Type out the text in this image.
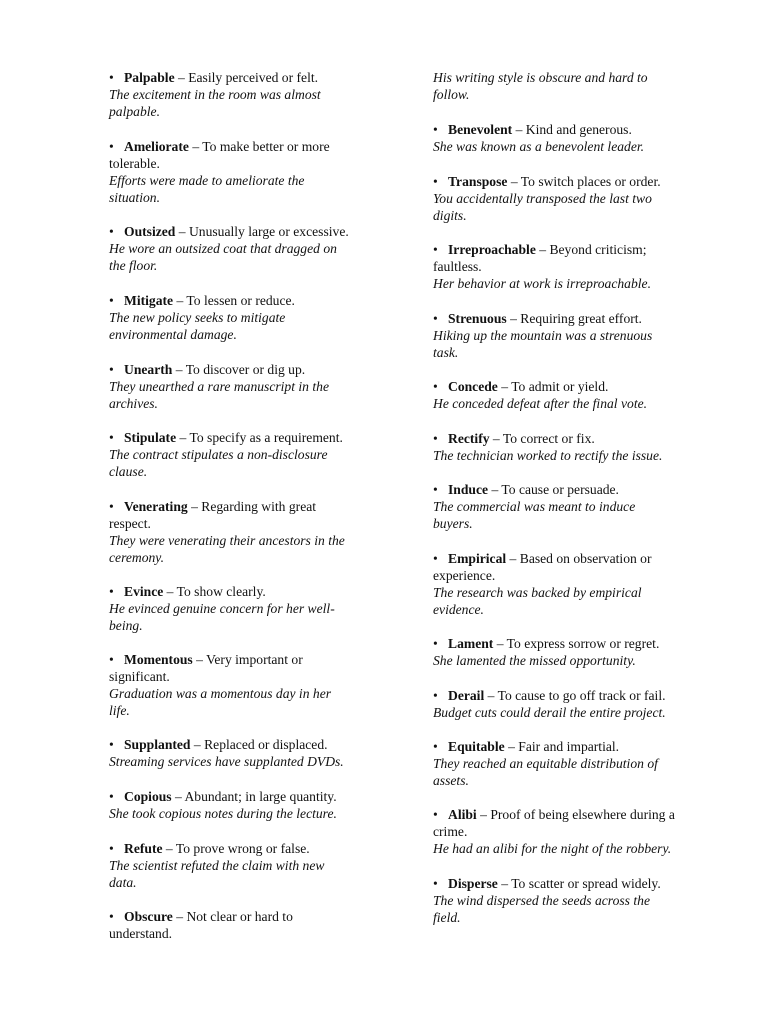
• Palpable – Easily perceived or felt.
The excitement in the room was almost
palpable.
• Ameliorate – To make better or more
tolerable.
Efforts were made to ameliorate the
situation.
• Outsized – Unusually large or excessive.
He wore an outsized coat that dragged on
the floor.
• Mitigate – To lessen or reduce.
The new policy seeks to mitigate
environmental damage.
• Unearth – To discover or dig up.
They unearthed a rare manuscript in the
archives.
• Stipulate – To specify as a requirement.
The contract stipulates a non-disclosure
clause.
• Venerating – Regarding with great
respect.
They were venerating their ancestors in the
ceremony.
• Evince – To show clearly.
He evinced genuine concern for her well-
being.
• Momentous – Very important or
significant.
Graduation was a momentous day in her
life.
• Supplanted – Replaced or displaced.
Streaming services have supplanted DVDs.
• Copious – Abundant; in large quantity.
She took copious notes during the lecture.
• Refute – To prove wrong or false.
The scientist refuted the claim with new
data.
• Obscure – Not clear or hard to
understand.
His writing style is obscure and hard to
follow.
• Benevolent – Kind and generous.
She was known as a benevolent leader.
• Transpose – To switch places or order.
You accidentally transposed the last two
digits.
• Irreproachable – Beyond criticism;
faultless.
Her behavior at work is irreproachable.
• Strenuous – Requiring great effort.
Hiking up the mountain was a strenuous
task.
• Concede – To admit or yield.
He conceded defeat after the final vote.
• Rectify – To correct or fix.
The technician worked to rectify the issue.
• Induce – To cause or persuade.
The commercial was meant to induce
buyers.
• Empirical – Based on observation or
experience.
The research was backed by empirical
evidence.
• Lament – To express sorrow or regret.
She lamented the missed opportunity.
• Derail – To cause to go off track or fail.
Budget cuts could derail the entire project.
• Equitable – Fair and impartial.
They reached an equitable distribution of
assets.
• Alibi – Proof of being elsewhere during a
crime.
He had an alibi for the night of the robbery.
• Disperse – To scatter or spread widely.
The wind dispersed the seeds across the
field.
